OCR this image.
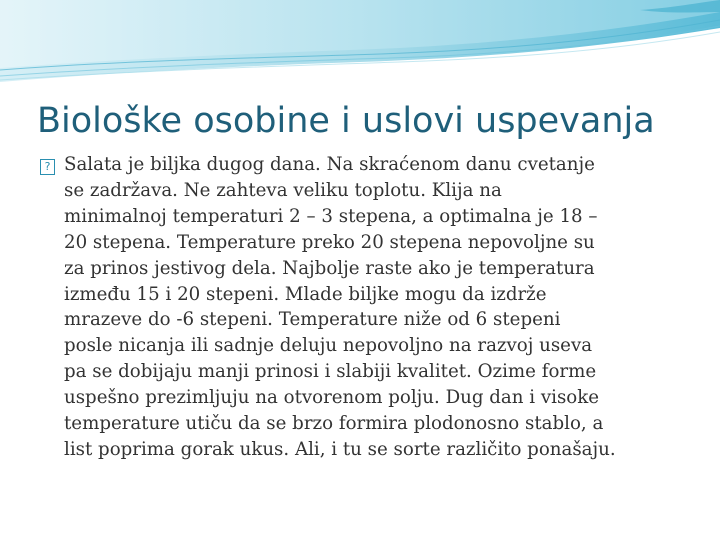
Biološke osobine i uslovi uspevanja
? Salata je biljka dugog dana. Na skraćenom danu cvetanje
se zadržava. Ne zahteva veliku toplotu. Klija na
minimalnoj temperaturi 2 – 3 stepena, a optimalna je 18 –
20 stepena. Temperature preko 20 stepena nepovoljne su
za prinos jestivog dela. Najbolje raste ako je temperatura
između 15 i 20 stepeni. Mlade biljke mogu da izdrže
mrazeve do -6 stepeni. Temperature niže od 6 stepeni
posle nicanja ili sadnje deluju nepovoljno na razvoj useva
pa se dobijaju manji prinosi i slabiji kvalitet. Ozime forme
uspešno prezimljuju na otvorenom polju. Dug dan i visoke
temperature utiču da se brzo formira plodonosno stablo, a
list poprima gorak ukus. Ali, i tu se sorte različito ponašaju.
